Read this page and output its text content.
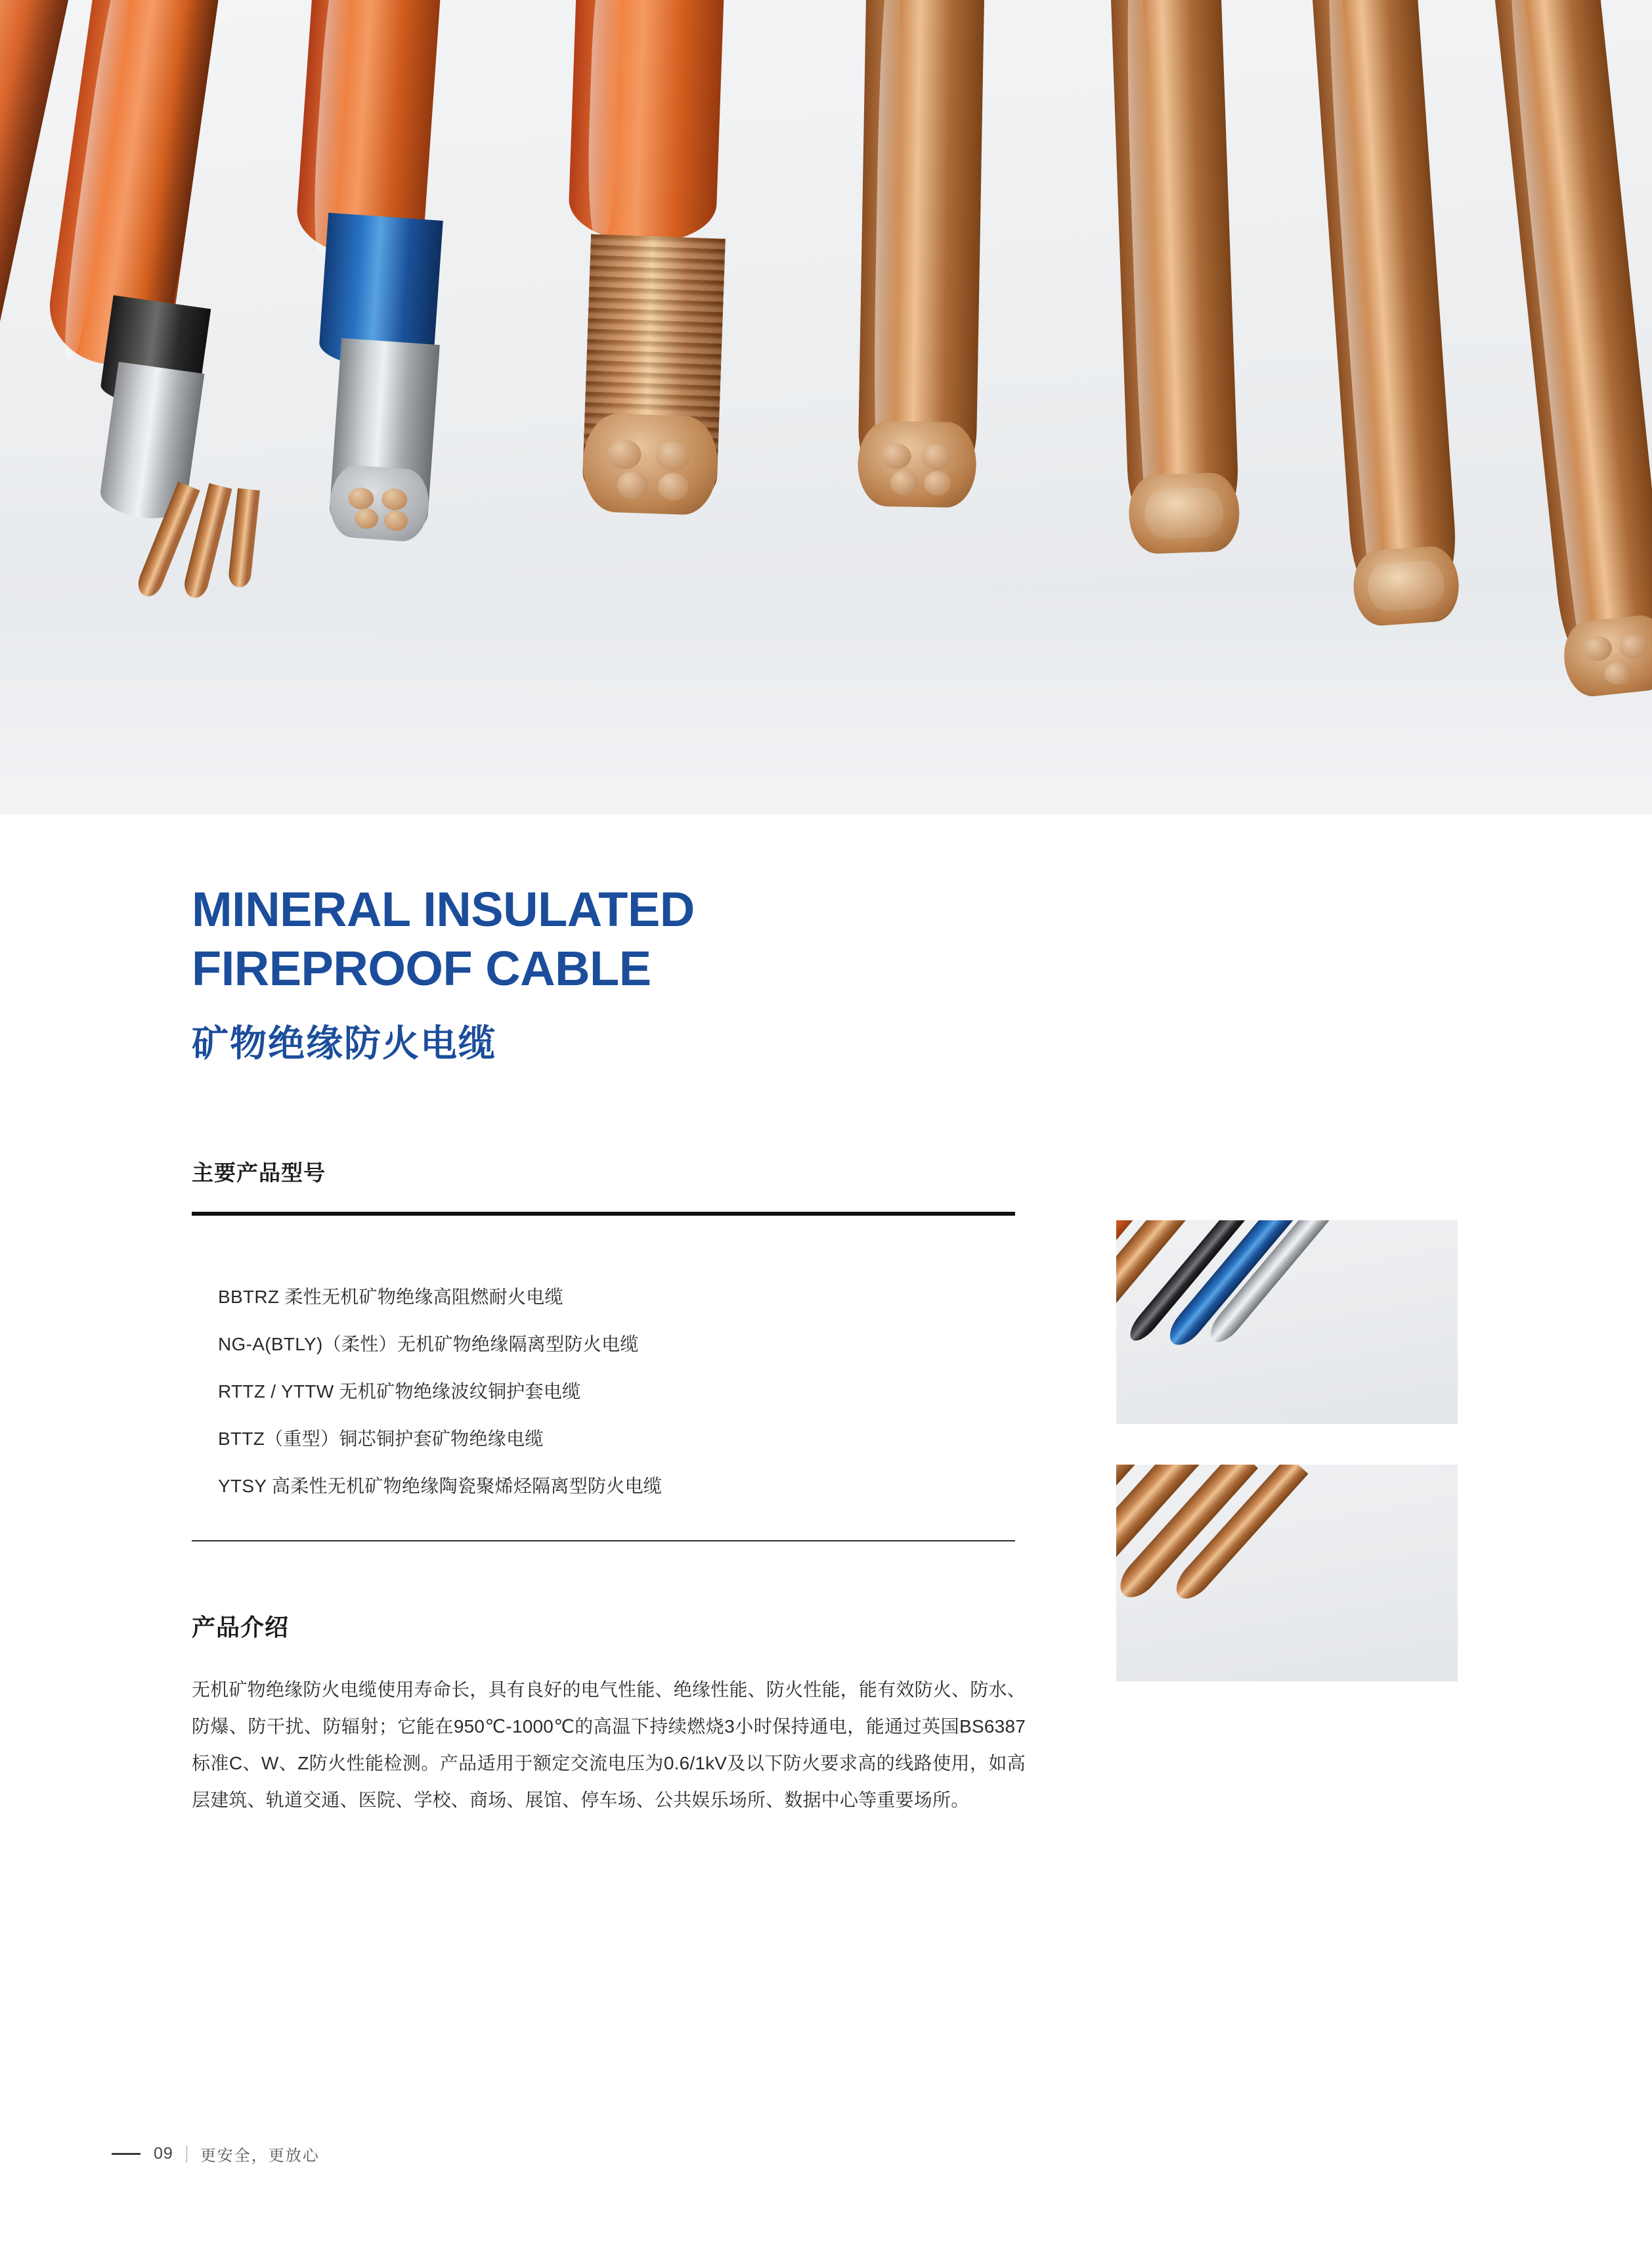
MINERAL INSULATED
FIREPROOF CABLE
矿物绝缘防火电缆
主要产品型号
BBTRZ 柔性无机矿物绝缘高阻燃耐火电缆
NG-A(BTLY)（柔性）无机矿物绝缘隔离型防火电缆
RTTZ / YTTW 无机矿物绝缘波纹铜护套电缆
BTTZ（重型）铜芯铜护套矿物绝缘电缆
YTSY 高柔性无机矿物绝缘陶瓷聚烯烃隔离型防火电缆
产品介绍
无机矿物绝缘防火电缆使用寿命长，具有良好的电气性能、绝缘性能、防火性能，能有效防火、防水、防爆、防干扰、防辐射；它能在950℃-1000℃的高温下持续燃烧3小时保持通电，能通过英国BS6387标准C、W、Z防火性能检测。产品适用于额定交流电压为0.6/1kV及以下防火要求高的线路使用，如高层建筑、轨道交通、医院、学校、商场、展馆、停车场、公共娱乐场所、数据中心等重要场所。
09 更安全，更放心
